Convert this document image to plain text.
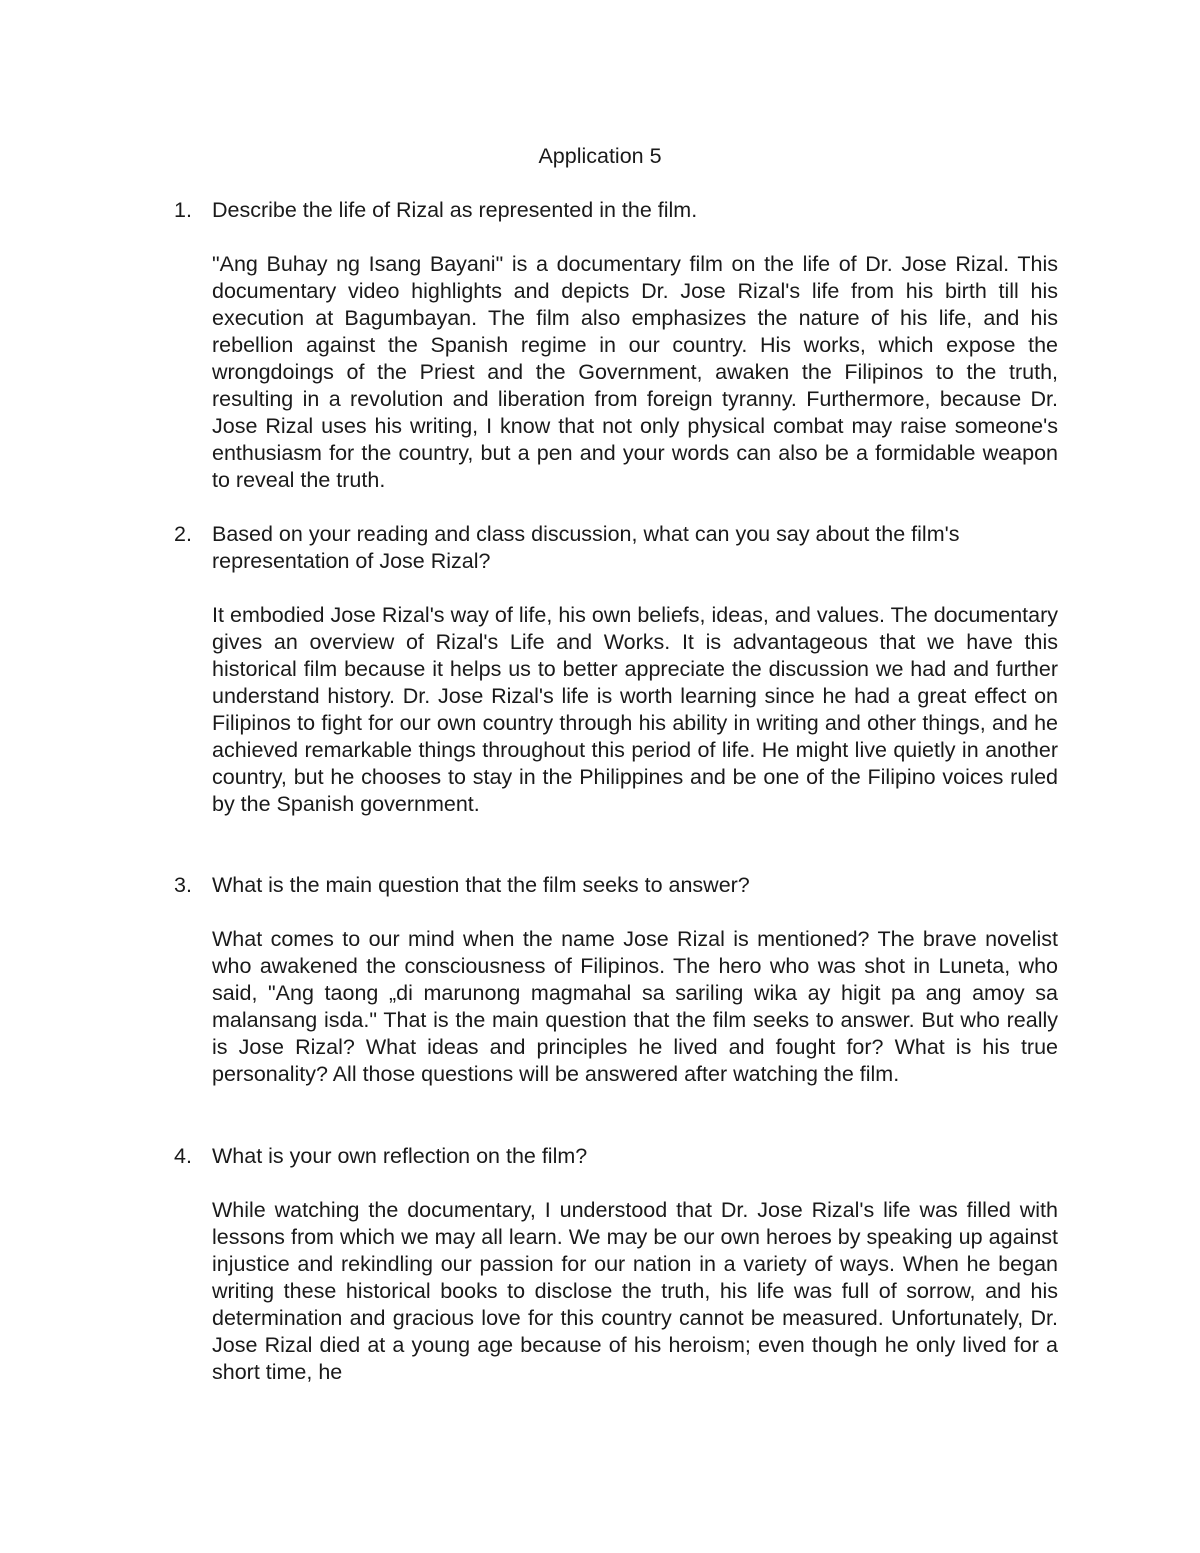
Application 5
1. Describe the life of Rizal as represented in the film.
"Ang Buhay ng Isang Bayani" is a documentary film on the life of Dr. Jose Rizal. This documentary video highlights and depicts Dr. Jose Rizal's life from his birth till his execution at Bagumbayan. The film also emphasizes the nature of his life, and his rebellion against the Spanish regime in our country. His works, which expose the wrongdoings of the Priest and the Government, awaken the Filipinos to the truth, resulting in a revolution and liberation from foreign tyranny. Furthermore, because Dr. Jose Rizal uses his writing, I know that not only physical combat may raise someone's enthusiasm for the country, but a pen and your words can also be a formidable weapon to reveal the truth.
2. Based on your reading and class discussion, what can you say about the film's representation of Jose Rizal?
It embodied Jose Rizal's way of life, his own beliefs, ideas, and values. The documentary gives an overview of Rizal's Life and Works. It is advantageous that we have this historical film because it helps us to better appreciate the discussion we had and further understand history. Dr. Jose Rizal's life is worth learning since he had a great effect on Filipinos to fight for our own country through his ability in writing and other things, and he achieved remarkable things throughout this period of life. He might live quietly in another country, but he chooses to stay in the Philippines and be one of the Filipino voices ruled by the Spanish government.
3. What is the main question that the film seeks to answer?
What comes to our mind when the name Jose Rizal is mentioned? The brave novelist who awakened the consciousness of Filipinos. The hero who was shot in Luneta, who said, "Ang taong „di marunong magmahal sa sariling wika ay higit pa ang amoy sa malansang isda." That is the main question that the film seeks to answer. But who really is Jose Rizal? What ideas and principles he lived and fought for? What is his true personality? All those questions will be answered after watching the film.
4. What is your own reflection on the film?
While watching the documentary, I understood that Dr. Jose Rizal's life was filled with lessons from which we may all learn. We may be our own heroes by speaking up against injustice and rekindling our passion for our nation in a variety of ways. When he began writing these historical books to disclose the truth, his life was full of sorrow, and his determination and gracious love for this country cannot be measured. Unfortunately, Dr. Jose Rizal died at a young age because of his heroism; even though he only lived for a short time, he
